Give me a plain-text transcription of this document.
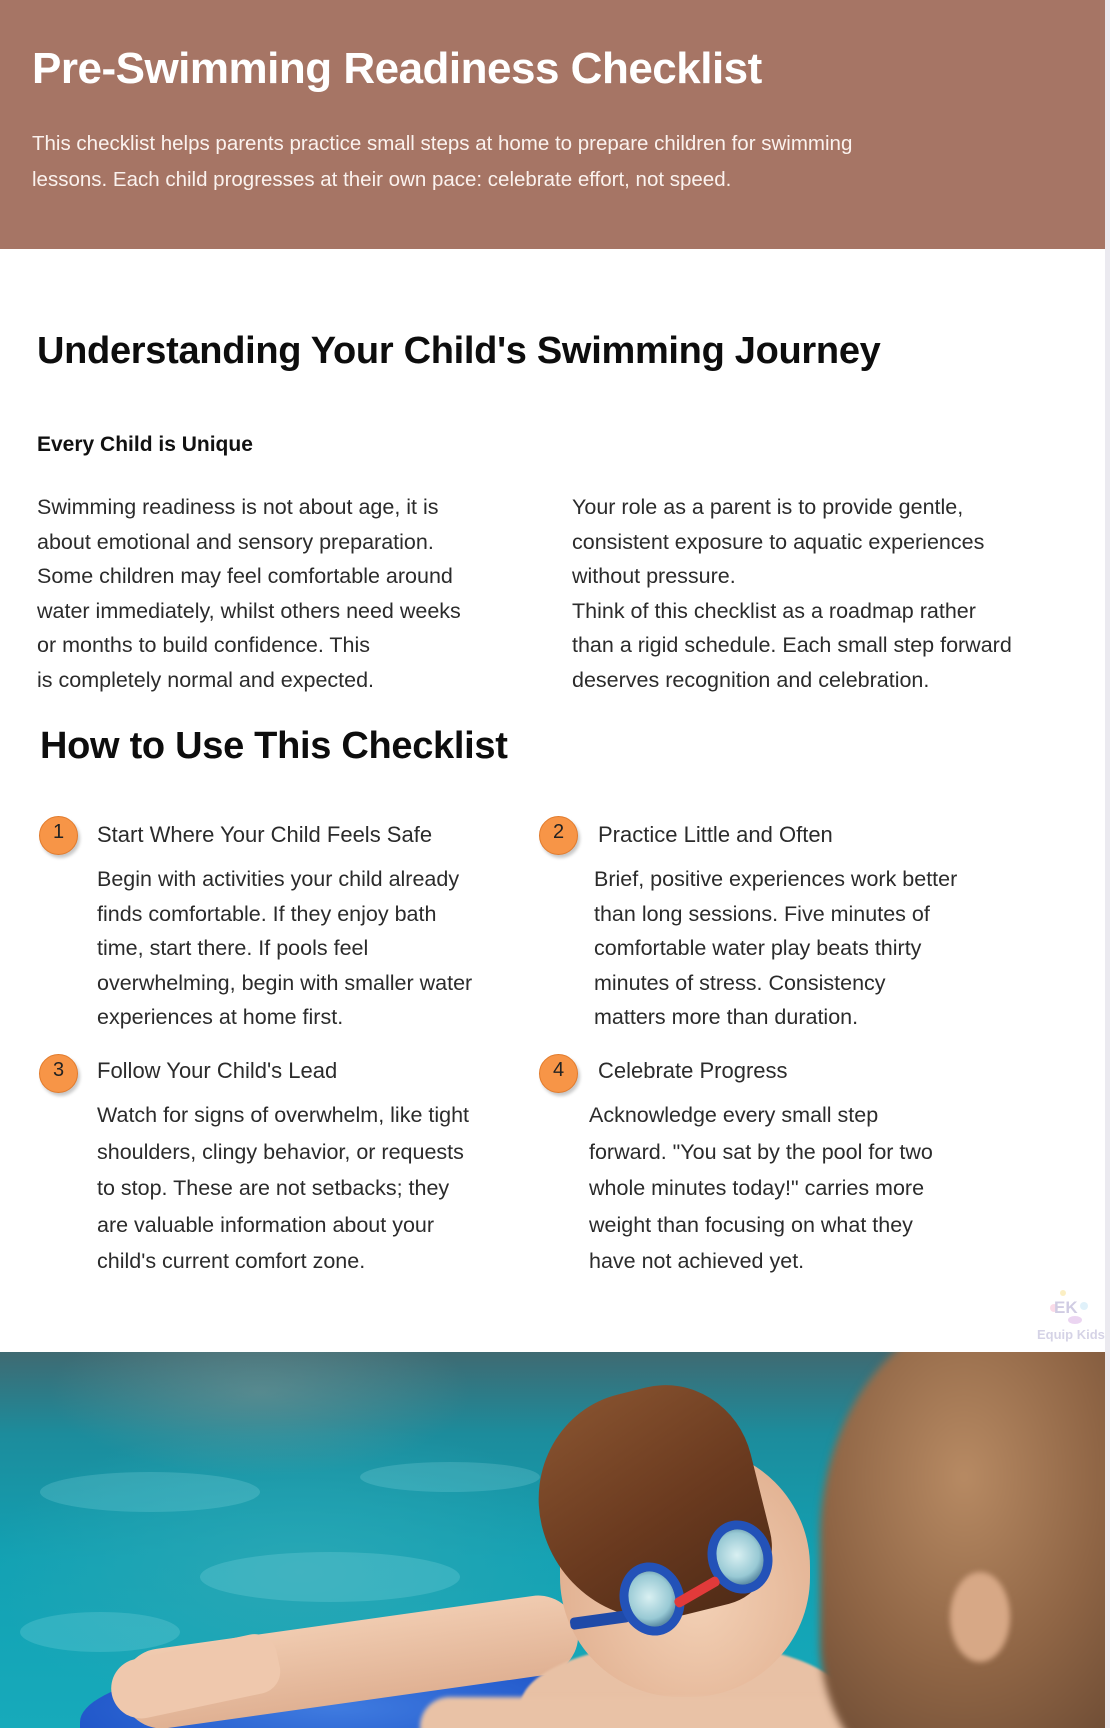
Pre-Swimming Readiness Checklist

This checklist helps parents practice small steps at home to prepare children for swimming
lessons. Each child progresses at their own pace: celebrate effort, not speed.

Understanding Your Child's Swimming Journey
Every Child is Unique
Swimming readiness is not about age, it is
about emotional and sensory preparation.
Some children may feel comfortable around
water immediately, whilst others need weeks
or months to build confidence. This
is completely normal and expected.
Your role as a parent is to provide gentle,
consistent exposure to aquatic experiences
without pressure.
Think of this checklist as a roadmap rather
than a rigid schedule. Each small step forward
deserves recognition and celebration.
How to Use This Checklist
1	Start Where Your Child Feels Safe
Begin with activities your child already
finds comfortable. If they enjoy bath
time, start there. If pools feel
overwhelming, begin with smaller water
experiences at home first.
2	Practice Little and Often
Brief, positive experiences work better
than long sessions. Five minutes of
comfortable water play beats thirty
minutes of stress. Consistency
matters more than duration.
3	Follow Your Child's Lead
Watch for signs of overwhelm, like tight
shoulders, clingy behavior, or requests
to stop. These are not setbacks; they
are valuable information about your
child's current comfort zone.
4	Celebrate Progress
Acknowledge every small step
forward. "You sat by the pool for two
whole minutes today!" carries more
weight than focusing on what they
have not achieved yet.
EK
Equip Kids
